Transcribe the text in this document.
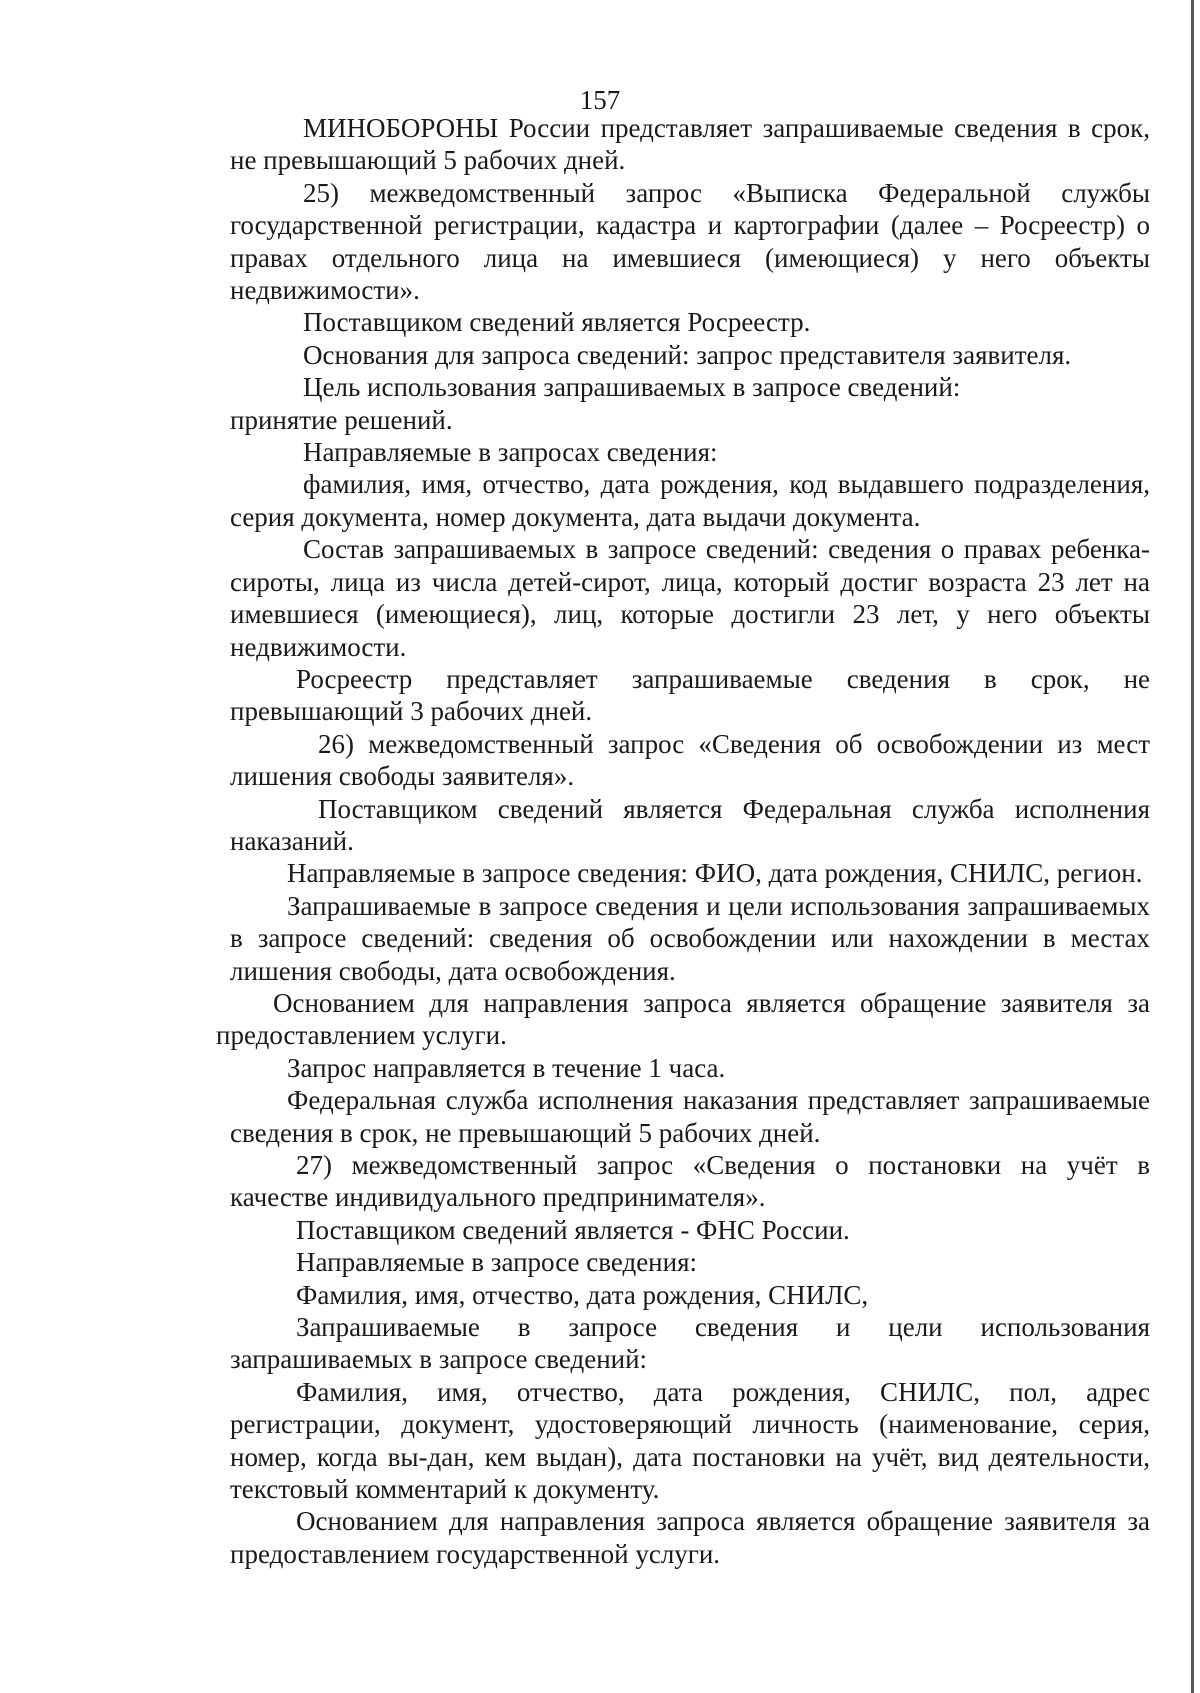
157

МИНОБОРОНЫ России представляет запрашиваемые сведения в срок, не превышающий 5 рабочих дней.

25) межведомственный запрос «Выписка Федеральной службы государственной регистрации, кадастра и картографии (далее – Росреестр) о правах отдельного лица на имевшиеся (имеющиеся) у него объекты недвижимости».

Поставщиком сведений является Росреестр.

Основания для запроса сведений: запрос представителя заявителя.

Цель использования запрашиваемых в запросе сведений:

принятие решений.

Направляемые в запросах сведения:

фамилия, имя, отчество, дата рождения, код выдавшего подразделения, серия документа, номер документа, дата выдачи документа.

Состав запрашиваемых в запросе сведений: сведения о правах ребенка-сироты, лица из числа детей-сирот, лица, который достиг возраста 23 лет на имевшиеся (имеющиеся), лиц, которые достигли 23 лет, у него объекты недвижимости.

Росреестр представляет запрашиваемые сведения в срок, не превышающий 3 рабочих дней.

26) межведомственный запрос «Сведения об освобождении из мест лишения свободы заявителя».

Поставщиком сведений является Федеральная служба исполнения наказаний.

Направляемые в запросе сведения: ФИО, дата рождения, СНИЛС, регион.

Запрашиваемые в запросе сведения и цели использования запрашиваемых в запросе сведений: сведения об освобождении или нахождении в местах лишения свободы, дата освобождения.

Основанием для направления запроса является обращение заявителя за предоставлением услуги.

Запрос направляется в течение 1 часа.

Федеральная служба исполнения наказания представляет запрашиваемые сведения в срок, не превышающий 5 рабочих дней.

27) межведомственный запрос «Сведения о постановки на учёт в качестве индивидуального предпринимателя».

Поставщиком сведений является - ФНС России.

Направляемые в запросе сведения:

Фамилия, имя, отчество, дата рождения, СНИЛС,

Запрашиваемые в запросе сведения и цели использования запрашиваемых в запросе сведений:

Фамилия, имя, отчество, дата рождения, СНИЛС, пол, адрес регистрации, документ, удостоверяющий личность (наименование, серия, номер, когда вы-дан, кем выдан), дата постановки на учёт, вид деятельности, текстовый комментарий к документу.

Основанием для направления запроса является обращение заявителя за предоставлением государственной услуги.
